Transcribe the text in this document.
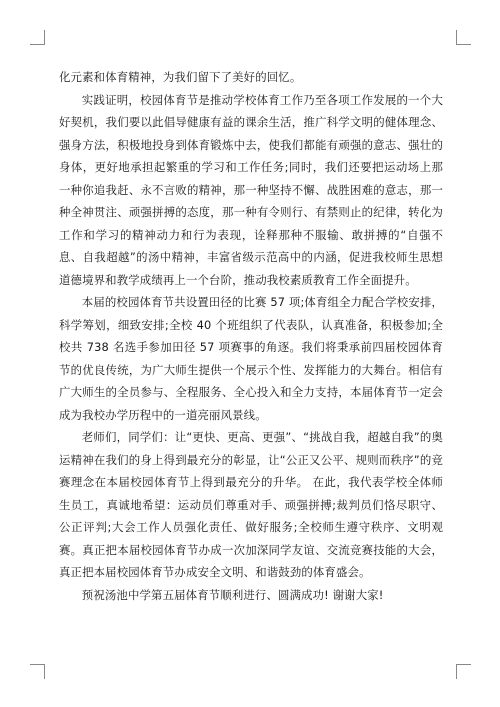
化元素和体育精神，为我们留下了美好的回忆。

实践证明，校园体育节是推动学校体育工作乃至各项工作发展的一个大好契机，我们要以此倡导健康有益的课余生活，推广科学文明的健体理念、强身方法，积极地投身到体育锻炼中去，使我们都能有顽强的意志、强壮的身体，更好地承担起繁重的学习和工作任务;同时，我们还要把运动场上那一种你追我赶、永不言败的精神，那一种坚持不懈、战胜困难的意志，那一种全神贯注、顽强拼搏的态度，那一种有令则行、有禁则止的纪律，转化为工作和学习的精神动力和行为表现，诠释那种不服输、敢拼搏的“自强不息、自我超越”的汤中精神，丰富省级示范高中的内涵，促进我校师生思想道德境界和教学成绩再上一个台阶，推动我校素质教育工作全面提升。

本届的校园体育节共设置田径的比赛 57 项;体育组全力配合学校安排，科学筹划，细致安排;全校 40 个班组织了代表队，认真准备，积极参加;全校共 738 名选手参加田径 57 项赛事的角逐。我们将秉承前四届校园体育节的优良传统，为广大师生提供一个展示个性、发挥能力的大舞台。相信有广大师生的全员参与、全程服务、全心投入和全力支持，本届体育节一定会成为我校办学历程中的一道亮丽风景线。

老师们，同学们：让“更快、更高、更强”、“挑战自我，超越自我”的奥运精神在我们的身上得到最充分的彰显，让“公正又公平、规则而秩序”的竞赛理念在本届校园体育节上得到最充分的升华。 在此，我代表学校全体师生员工，真诚地希望：运动员们尊重对手、顽强拼搏;裁判员们恪尽职守、公正评判;大会工作人员强化责任、做好服务;全校师生遵守秩序、文明观赛。真正把本届校园体育节办成一次加深同学友谊、交流竞赛技能的大会，真正把本届校园体育节办成安全文明、和谐鼓劲的体育盛会。

预祝汤池中学第五届体育节顺利进行、圆满成功! 谢谢大家!
